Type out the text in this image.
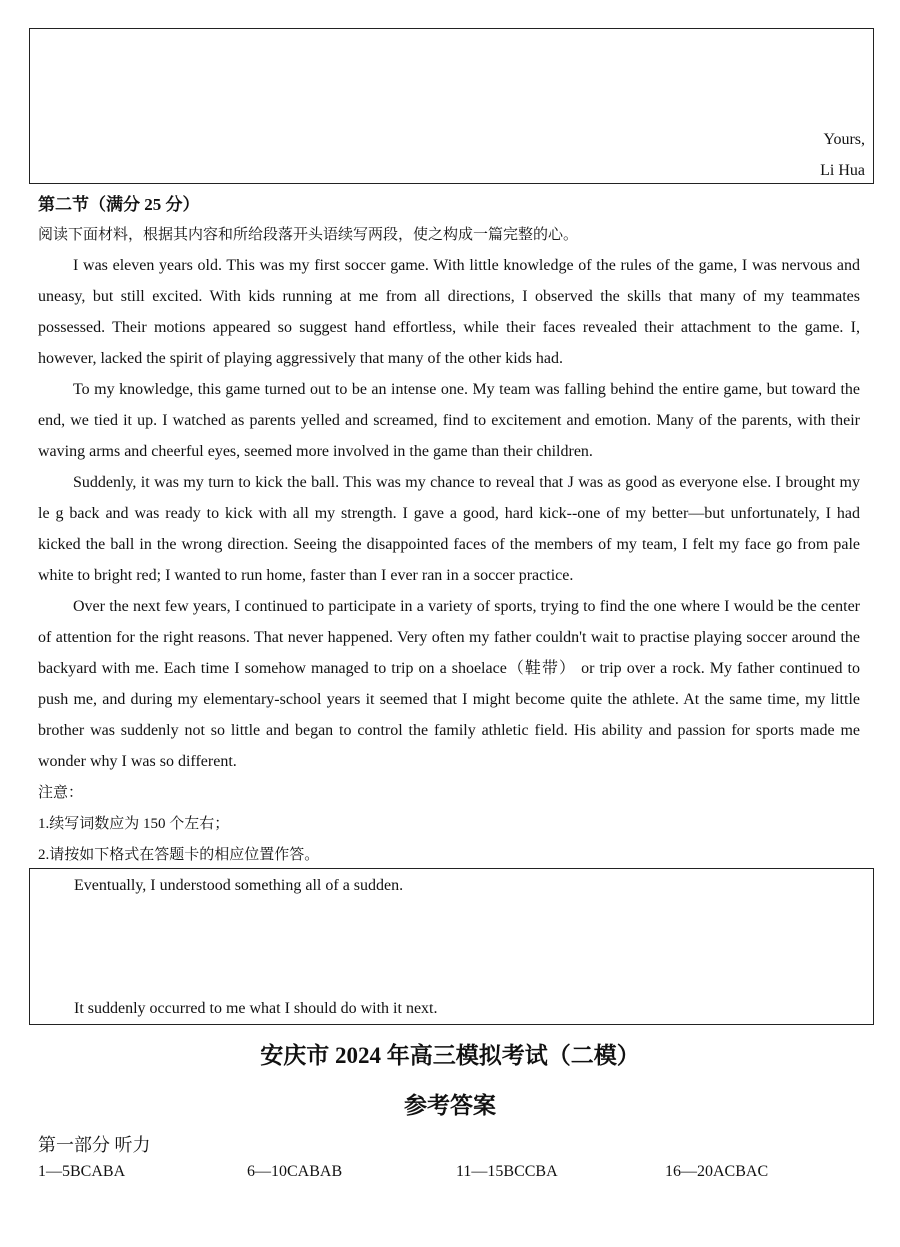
Yours,
Li Hua
第二节（满分 25 分）
阅读下面材料，根据其内容和所给段落开头语续写两段，使之构成一篇完整的心。

I was eleven years old. This was my first soccer game. With little knowledge of the rules of the game, I was nervous and uneasy, but still excited. With kids running at me from all directions, I observed the skills that many of my teammates possessed. Their motions appeared so suggest hand effortless, while their faces revealed their attachment to the game. I, however, lacked the spirit of playing aggressively that many of the other kids had.

To my knowledge, this game turned out to be an intense one. My team was falling behind the entire game, but toward the end, we tied it up. I watched as parents yelled and screamed, find to excitement and emotion. Many of the parents, with their waving arms and cheerful eyes, seemed more involved in the game than their children.

Suddenly, it was my turn to kick the ball. This was my chance to reveal that J was as good as everyone else. I brought my le g back and was ready to kick with all my strength. I gave a good, hard kick--one of my better—but unfortunately, I had kicked the ball in the wrong direction. Seeing the disappointed faces of the members of my team, I felt my face go from pale white to bright red; I wanted to run home, faster than I ever ran in a soccer practice.

Over the next few years, I continued to participate in a variety of sports, trying to find the one where I would be the center of attention for the right reasons. That never happened. Very often my father couldn't wait to practise playing soccer around the backyard with me. Each time I somehow managed to trip on a shoelace（鞋带） or trip over a rock. My father continued to push me, and during my elementary-school years it seemed that I might become quite the athlete. At the same time, my little brother was suddenly not so little and began to control the family athletic field. His ability and passion for sports made me wonder why I was so different.

注意：
1.续写词数应为 150 个左右；
2.请按如下格式在答题卡的相应位置作答。
Eventually, I understood something all of a sudden.
It suddenly occurred to me what I should do with it next.
安庆市 2024 年高三模拟考试（二模）
参考答案
第一部分 听力
1—5BCABA	6—10CABAB	11—15BCCBA	16—20ACBAC
